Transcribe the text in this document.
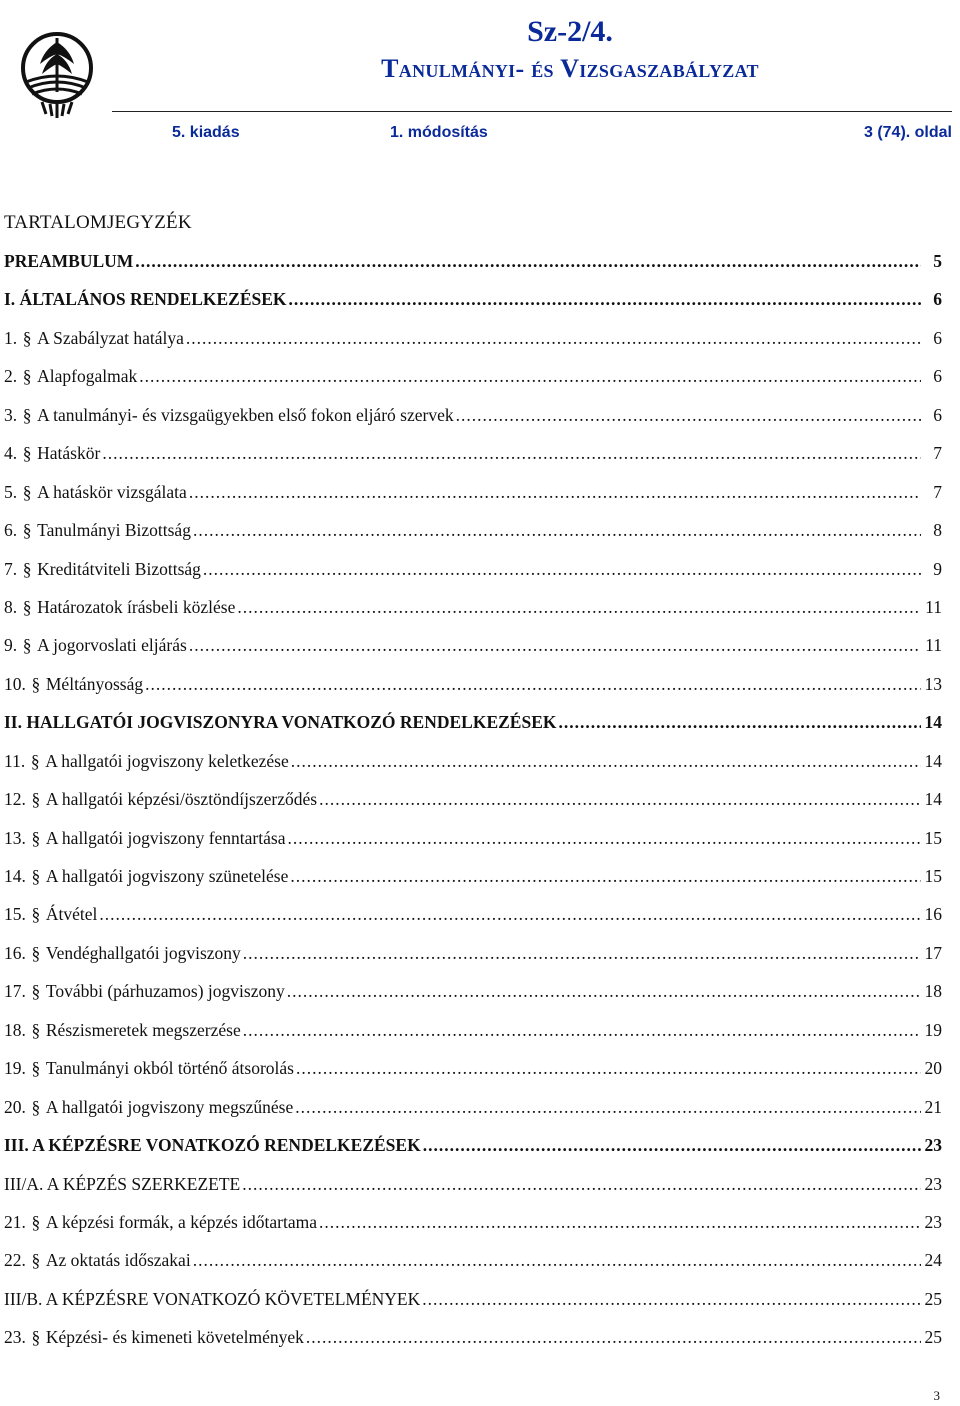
Sz-2/4.
Tanulmányi- és Vizsgaszabályzat
5. kiadás	1. módosítás	3 (74). oldal
TARTALOMJEGYZÉK
PREAMBULUM .....	5
I. ÁLTALÁNOS RENDELKEZÉSEK .....	6
1. § A Szabályzat hatálya .....	6
2. § Alapfogalmak .....	6
3. § A tanulmányi- és vizsgaügyekben első fokon eljáró szervek .....	6
4. § Hatáskör .....	7
5. § A hatáskör vizsgálata .....	7
6. § Tanulmányi Bizottság .....	8
7. § Kreditátviteli Bizottság .....	9
8. § Határozatok írásbeli közlése .....	11
9. § A jogorvoslati eljárás .....	11
10. § Méltányosság .....	13
II. HALLGATÓI JOGVISZONYRA VONATKOZÓ RENDELKEZÉSEK .....	14
11. § A hallgatói jogviszony keletkezése .....	14
12. § A hallgatói képzési/ösztöndíjszerződés .....	14
13. § A hallgatói jogviszony fenntartása .....	15
14. § A hallgatói jogviszony szünetelése .....	15
15. § Átvétel .....	16
16. § Vendéghallgatói jogviszony .....	17
17. § További (párhuzamos) jogviszony .....	18
18. § Részismeretek megszerzése .....	19
19. § Tanulmányi okból történő átsorolás .....	20
20. § A hallgatói jogviszony megszűnése .....	21
III. A KÉPZÉSRE VONATKOZÓ RENDELKEZÉSEK .....	23
III/A. A KÉPZÉS SZERKEZETE .....	23
21. § A képzési formák, a képzés időtartama .....	23
22. § Az oktatás időszakai .....	24
III/B. A KÉPZÉSRE VONATKOZÓ KÖVETELMÉNYEK .....	25
23. § Képzési- és kimeneti követelmények .....	25
3
